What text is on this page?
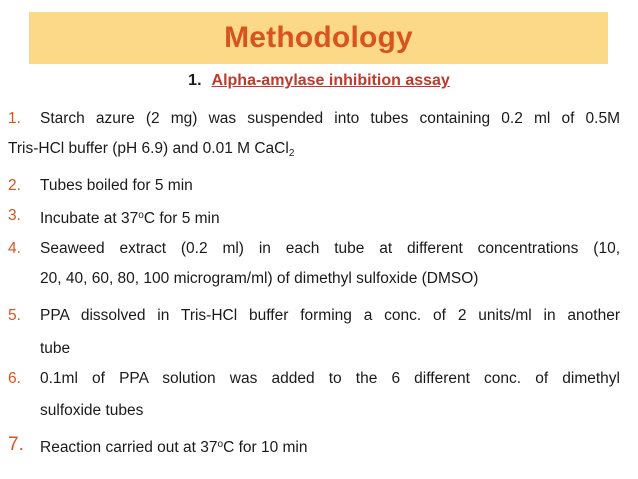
Methodology
1. Alpha-amylase inhibition assay
1.	Starch azure (2 mg) was suspended into tubes containing 0.2 ml of 0.5M
Tris-HCl buffer (pH 6.9) and 0.01 M CaCl$_2$
2. Tubes boiled for 5 min
3. Incubate at 37$^o$C for 5 min
4. Seaweed extract (0.2 ml) in each tube at different concentrations (10,
20, 40, 60, 80, 100 microgram/ml) of dimethyl sulfoxide (DMSO)
5. PPA dissolved in Tris-HCl buffer forming a conc. of 2 units/ml in another
tube
6. 0.1ml of PPA solution was added to the 6 different conc. of dimethyl
sulfoxide tubes
7. Reaction carried out at 37$^o$C for 10 min
